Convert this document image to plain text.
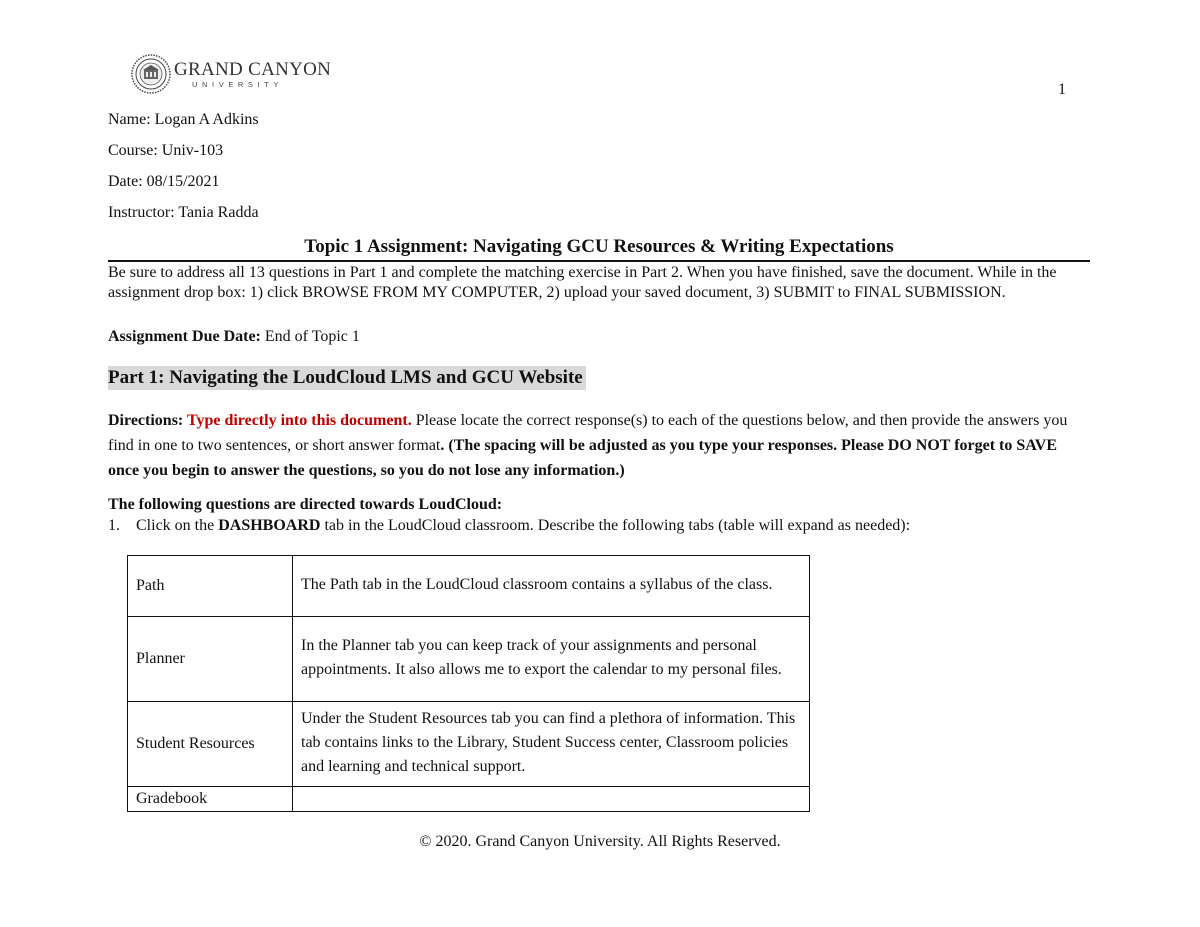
GRAND CANYON
UNIVERSITY	1
Name: Logan A Adkins
Course: Univ-103
Date: 08/15/2021
Instructor: Tania Radda
Topic 1 Assignment: Navigating GCU Resources & Writing Expectations
Be sure to address all 13 questions in Part 1 and complete the matching exercise in Part 2. When you have finished, save the document. While in the assignment drop box: 1) click BROWSE FROM MY COMPUTER, 2) upload your saved document, 3) SUBMIT to FINAL SUBMISSION.
Assignment Due Date: End of Topic 1
Part 1: Navigating the LoudCloud LMS and GCU Website
Directions: Type directly into this document. Please locate the correct response(s) to each of the questions below, and then provide the answers you find in one to two sentences, or short answer format. (The spacing will be adjusted as you type your responses. Please DO NOT forget to SAVE once you begin to answer the questions, so you do not lose any information.)
The following questions are directed towards LoudCloud:
1. Click on the DASHBOARD tab in the LoudCloud classroom. Describe the following tabs (table will expand as needed):
Path	The Path tab in the LoudCloud classroom contains a syllabus of the class.
Planner	In the Planner tab you can keep track of your assignments and personal appointments. It also allows me to export the calendar to my personal files.
Student Resources	Under the Student Resources tab you can find a plethora of information. This tab contains links to the Library, Student Success center, Classroom policies and learning and technical support.
Gradebook	
© 2020. Grand Canyon University. All Rights Reserved.
